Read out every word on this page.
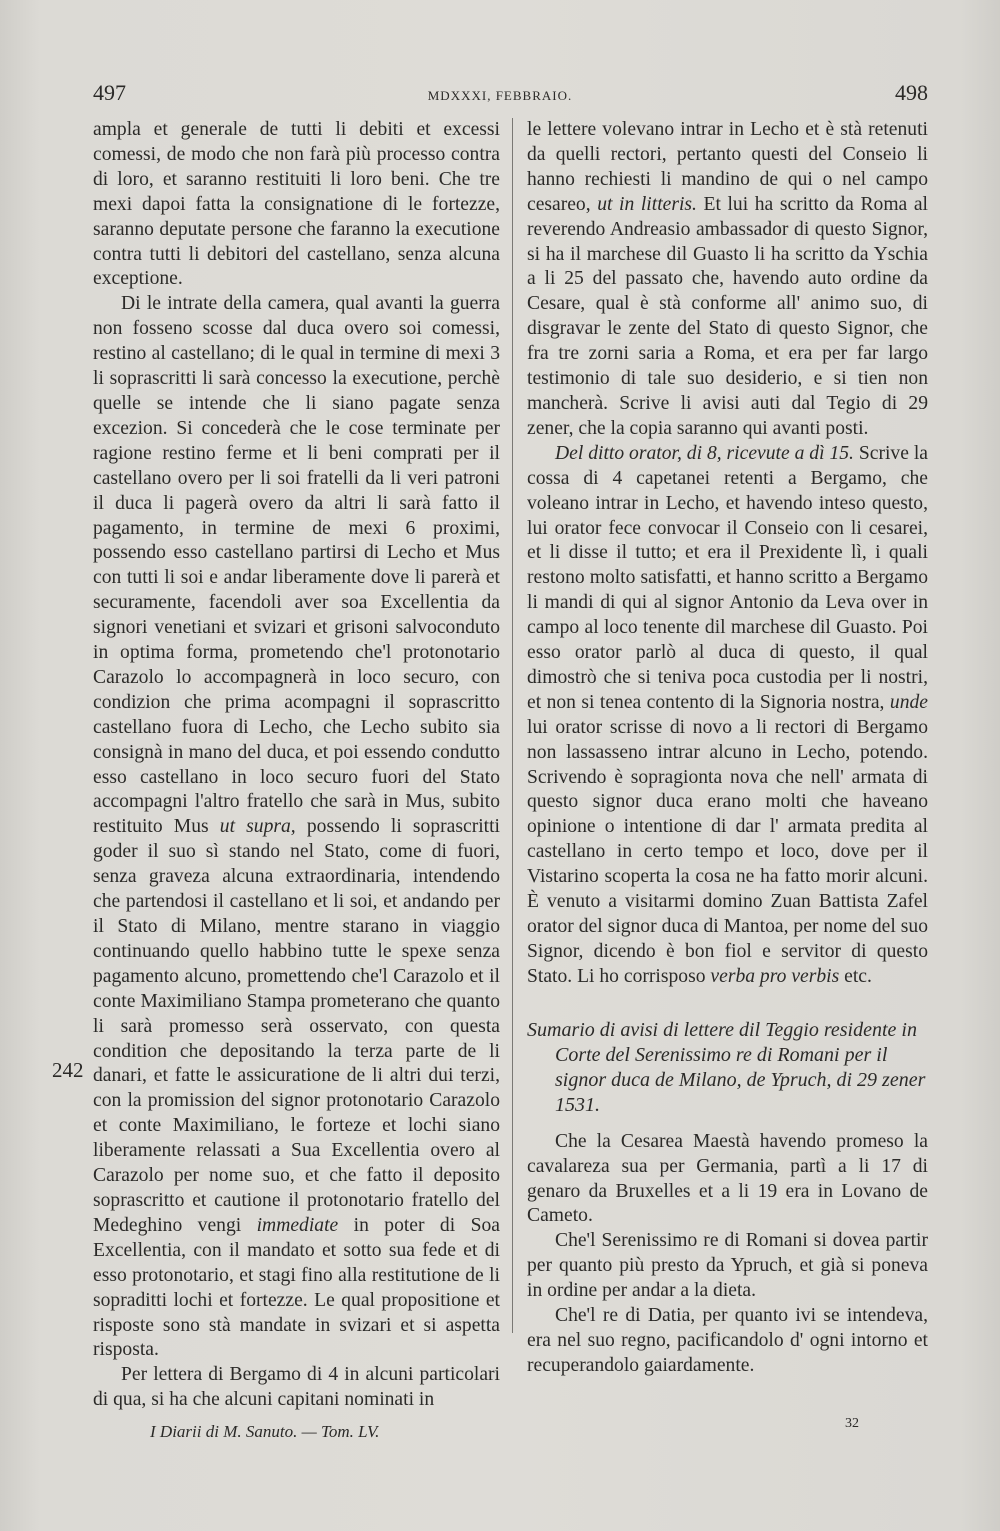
497	MDXXXI, FEBBRAIO.	498
242

ampla et generale de tutti li debiti et excessi comessi, de modo che non farà più processo contra di loro, et saranno restituiti li loro beni. Che tre mexi dapoi fatta la consignatione di le fortezze, saranno deputate persone che faranno la executione contra tutti li debitori del castellano, senza alcuna exceptione.

Di le intrate della camera, qual avanti la guerra non fosseno scosse dal duca overo soi comessi, restino al castellano; di le qual in termine di mexi 3 li soprascritti li sarà concesso la executione, perchè quelle se intende che li siano pagate senza excezion. Si concederà che le cose terminate per ragione restino ferme et li beni comprati per il castellano overo per li soi fratelli da li veri patroni il duca li pagerà overo da altri li sarà fatto il pagamento, in termine de mexi 6 proximi, possendo esso castellano partirsi di Lecho et Mus con tutti li soi e andar liberamente dove li parerà et securamente, facendoli aver soa Excellentia da signori venetiani et svizari et grisoni salvoconduto in optima forma, prometendo che'l protonotario Carazolo lo accompagnerà in loco securo, con condizion che prima acompagni il soprascritto castellano fuora di Lecho, che Lecho subito sia consignà in mano del duca, et poi essendo condutto esso castellano in loco securo fuori del Stato accompagni l'altro fratello che sarà in Mus, subito restituito Mus ut supra, possendo li soprascritti goder il suo sì stando nel Stato, come di fuori, senza graveza alcuna extraordinaria, intendendo che partendosi il castellano et li soi, et andando per il Stato di Milano, mentre starano in viaggio continuando quello habbino tutte le spexe senza pagamento alcuno, promettendo che'l Carazolo et il conte Maximiliano Stampa prometerano che quanto li sarà promesso serà osservato, con questa condition che depositando la terza parte de li danari, et fatte le assicuratione de li altri dui terzi, con la promission del signor protonotario Carazolo et conte Maximiliano, le forteze et lochi siano liberamente relassati a Sua Excellentia overo al Carazolo per nome suo, et che fatto il deposito soprascritto et cautione il protonotario fratello del Medeghino vengi immediate in poter di Soa Excellentia, con il mandato et sotto sua fede et di esso protonotario, et stagi fino alla restitutione de li sopraditti lochi et fortezze. Le qual propositione et risposte sono stà mandate in svizari et si aspetta risposta.

Per lettera di Bergamo di 4 in alcuni particolari di qua, si ha che alcuni capitani nominati in

le lettere volevano intrar in Lecho et è stà retenuti da quelli rectori, pertanto questi del Conseio li hanno rechiesti li mandino de qui o nel campo cesareo, ut in litteris. Et lui ha scritto da Roma al reverendo Andreasio ambassador di questo Signor, si ha il marchese dil Guasto li ha scritto da Yschia a li 25 del passato che, havendo auto ordine da Cesare, qual è stà conforme all' animo suo, di disgravar le zente del Stato di questo Signor, che fra tre zorni saria a Roma, et era per far largo testimonio di tale suo desiderio, e si tien non mancherà. Scrive li avisi auti dal Tegio di 29 zener, che la copia saranno qui avanti posti.

Del ditto orator, di 8, ricevute a dì 15. Scrive la cossa di 4 capetanei retenti a Bergamo, che voleano intrar in Lecho, et havendo inteso questo, lui orator fece convocar il Conseio con li cesarei, et li disse il tutto; et era il Prexidente lì, i quali restono molto satisfatti, et hanno scritto a Bergamo li mandi di qui al signor Antonio da Leva over in campo al loco tenente dil marchese dil Guasto. Poi esso orator parlò al duca di questo, il qual dimostrò che si teniva poca custodia per li nostri, et non si tenea contento di la Signoria nostra, unde lui orator scrisse di novo a li rectori di Bergamo non lassasseno intrar alcuno in Lecho, potendo. Scrivendo è sopragionta nova che nell' armata di questo signor duca erano molti che haveano opinione o intentione di dar l' armata predita al castellano in certo tempo et loco, dove per il Vistarino scoperta la cosa ne ha fatto morir alcuni. È venuto a visitarmi domino Zuan Battista Zafel orator del signor duca di Mantoa, per nome del suo Signor, dicendo è bon fiol e servitor di questo Stato. Li ho corrisposo verba pro verbis etc.

Sumario di avisi di lettere dil Teggio residente in Corte del Serenissimo re di Romani per il signor duca de Milano, de Ypruch, di 29 zener 1531.

Che la Cesarea Maestà havendo promeso la cavalareza sua per Germania, partì a li 17 di genaro da Bruxelles et a li 19 era in Lovano de Cameto.

Che'l Serenissimo re di Romani si dovea partir per quanto più presto da Ypruch, et già si poneva in ordine per andar a la dieta.

Che'l re di Datia, per quanto ivi se intendeva, era nel suo regno, pacificandolo d' ogni intorno et recuperandolo gaiardamente.

I Diarii di M. Sanuto. — Tom. LV.	32
